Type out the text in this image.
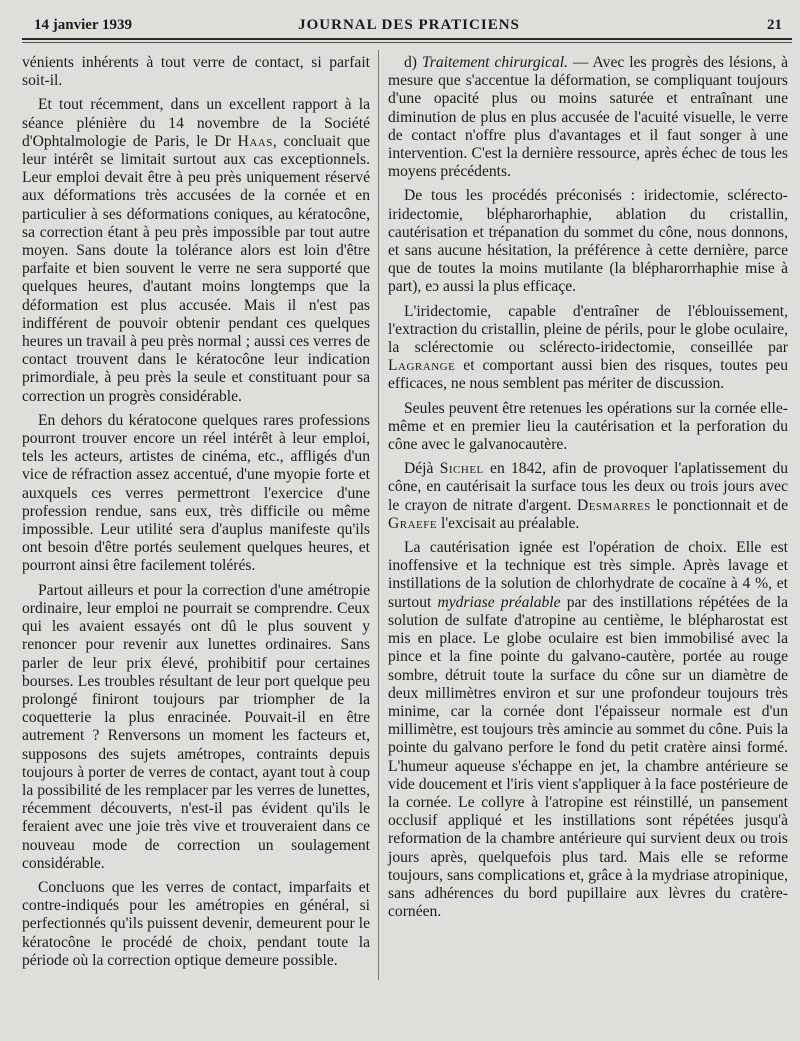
14 janvier 1939	JOURNAL DES PRATICIENS	21

vénients inhérents à tout verre de contact, si parfait soit-il.

Et tout récemment, dans un excellent rapport à la séance plénière du 14 novembre de la Société d'Ophtalmologie de Paris, le Dr Haas, concluait que leur intérêt se limitait surtout aux cas exceptionnels. Leur emploi devait être à peu près uniquement réservé aux déformations très accusées de la cornée et en particulier à ses déformations coniques, au kératocône, sa correction étant à peu près impossible par tout autre moyen. Sans doute la tolérance alors est loin d'être parfaite et bien souvent le verre ne sera supporté que quelques heures, d'autant moins longtemps que la déformation est plus accusée. Mais il n'est pas indifférent de pouvoir obtenir pendant ces quelques heures un travail à peu près normal ; aussi ces verres de contact trouvent dans le kératocône leur indication primordiale, à peu près la seule et constituant pour sa correction un progrès considérable.

En dehors du kératocone quelques rares professions pourront trouver encore un réel intérêt à leur emploi, tels les acteurs, artistes de cinéma, etc., affligés d'un vice de réfraction assez accentué, d'une myopie forte et auxquels ces verres permettront l'exercice d'une profession rendue, sans eux, très difficile ou même impossible. Leur utilité sera d'auplus manifeste qu'ils ont besoin d'être portés seulement quelques heures, et pourront ainsi être facilement tolérés.

Partout ailleurs et pour la correction d'une amétropie ordinaire, leur emploi ne pourrait se comprendre. Ceux qui les avaient essayés ont dû le plus souvent y renoncer pour revenir aux lunettes ordinaires. Sans parler de leur prix élevé, prohibitif pour certaines bourses. Les troubles résultant de leur port quelque peu prolongé finiront toujours par triompher de la coquetterie la plus enracinée. Pouvait-il en être autrement ? Renversons un moment les facteurs et, supposons des sujets amétropes, contraints depuis toujours à porter de verres de contact, ayant tout à coup la possibilité de les remplacer par les verres de lunettes, récemment découverts, n'est-il pas évident qu'ils le feraient avec une joie très vive et trouveraient dans ce nouveau mode de correction un soulagement considérable.

Concluons que les verres de contact, imparfaits et contre-indiqués pour les amétropies en général, si perfectionnés qu'ils puissent devenir, demeurent pour le kératocône le procédé de choix, pendant toute la période où la correction optique demeure possible.

d) Traitement chirurgical. — Avec les progrès des lésions, à mesure que s'accentue la déformation, se compliquant toujours d'une opacité plus ou moins saturée et entraînant une diminution de plus en plus accusée de l'acuité visuelle, le verre de contact n'offre plus d'avantages et il faut songer à une intervention. C'est la dernière ressource, après échec de tous les moyens précédents.

De tous les procédés préconisés : iridectomie, sclérecto-iridectomie, blépharorhaphie, ablation du cristallin, cautérisation et trépanation du sommet du cône, nous donnons, et sans aucune hésitation, la préférence à cette dernière, parce que de toutes la moins mutilante (la blépharorrhaphie mise à part), eɔ aussi la plus efficaçe.

L'iridectomie, capable d'entraîner de l'éblouissement, l'extraction du cristallin, pleine de périls, pour le globe oculaire, la sclérectomie ou sclérecto-iridectomie, conseillée par Lagrange et comportant aussi bien des risques, toutes peu efficaces, ne nous semblent pas mériter de discussion.

Seules peuvent être retenues les opérations sur la cornée elle-même et en premier lieu la cautérisation et la perforation du cône avec le galvanocautère.

Déjà Sichel en 1842, afin de provoquer l'aplatissement du cône, en cautérisait la surface tous les deux ou trois jours avec le crayon de nitrate d'argent. Desmarres le ponctionnait et de Graefe l'excisait au préalable.

La cautérisation ignée est l'opération de choix. Elle est inoffensive et la technique est très simple. Après lavage et instillations de la solution de chlorhydrate de cocaïne à 4 %, et surtout mydriase préalable par des instillations répétées de la solution de sulfate d'atropine au centième, le blépharostat est mis en place. Le globe oculaire est bien immobilisé avec la pince et la fine pointe du galvano-cautère, portée au rouge sombre, détruit toute la surface du cône sur un diamètre de deux millimètres environ et sur une profondeur toujours très minime, car la cornée dont l'épaisseur normale est d'un millimètre, est toujours très amincie au sommet du cône. Puis la pointe du galvano perfore le fond du petit cratère ainsi formé. L'humeur aqueuse s'échappe en jet, la chambre antérieure se vide doucement et l'iris vient s'appliquer à la face postérieure de la cornée. Le collyre à l'atropine est réinstillé, un pansement occlusif appliqué et les instillations sont répétées jusqu'à reformation de la chambre antérieure qui survient deux ou trois jours après, quelquefois plus tard. Mais elle se reforme toujours, sans complications et, grâce à la mydriase atropinique, sans adhérences du bord pupillaire aux lèvres du cratère-cornéen.
